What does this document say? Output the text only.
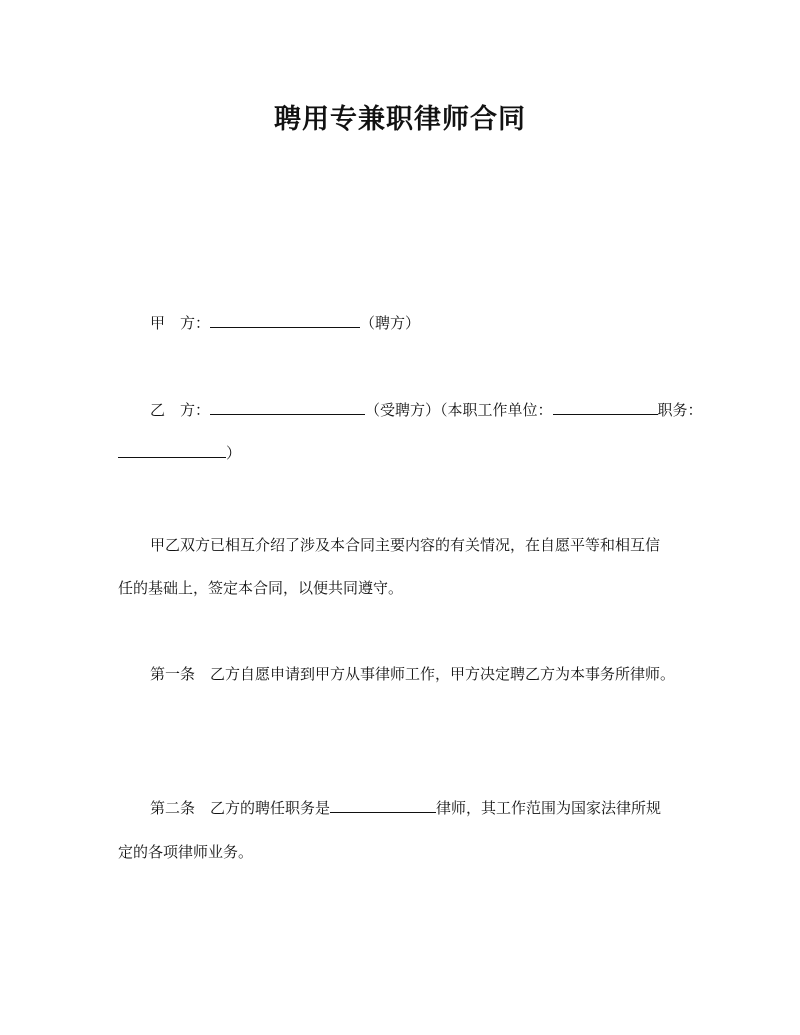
聘用专兼职律师合同
甲　方：	（聘方）
乙　方：	（受聘方）（本职工作单位：	职务：
）
甲乙双方已相互介绍了涉及本合同主要内容的有关情况，在自愿平等和相互信
任的基础上，签定本合同，以便共同遵守。
第一条　乙方自愿申请到甲方从事律师工作，甲方决定聘乙方为本事务所律师。
第二条　乙方的聘任职务是	律师，其工作范围为国家法律所规
定的各项律师业务。
